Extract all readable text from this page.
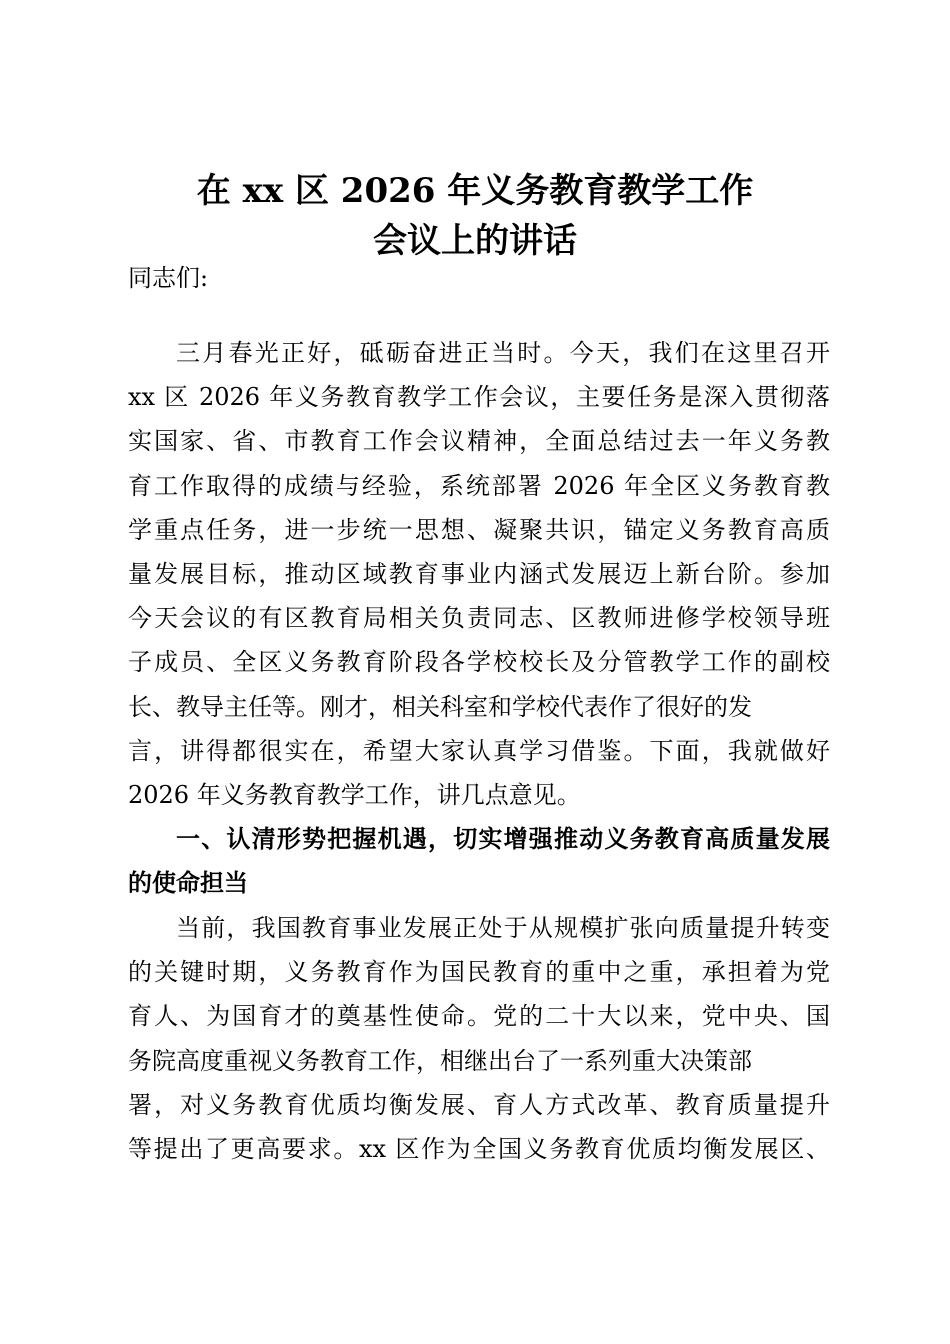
在 xx 区 2026 年义务教育教学工作
会议上的讲话
同志们:
三月春光正好，砥砺奋进正当时。今天，我们在这里召开
xx 区 2026 年义务教育教学工作会议，主要任务是深入贯彻落
实国家、省、市教育工作会议精神，全面总结过去一年义务教
育工作取得的成绩与经验，系统部署 2026 年全区义务教育教
学重点任务，进一步统一思想、凝聚共识，锚定义务教育高质
量发展目标，推动区域教育事业内涵式发展迈上新台阶。参加
今天会议的有区教育局相关负责同志、区教师进修学校领导班
子成员、全区义务教育阶段各学校校长及分管教学工作的副校
长、教导主任等。刚才，相关科室和学校代表作了很好的发
言，讲得都很实在，希望大家认真学习借鉴。下面，我就做好
2026 年义务教育教学工作，讲几点意见。
一、认清形势把握机遇，切实增强推动义务教育高质量发展
的使命担当
当前，我国教育事业发展正处于从规模扩张向质量提升转变
的关键时期，义务教育作为国民教育的重中之重，承担着为党
育人、为国育才的奠基性使命。党的二十大以来，党中央、国
务院高度重视义务教育工作，相继出台了一系列重大决策部
署，对义务教育优质均衡发展、育人方式改革、教育质量提升
等提出了更高要求。xx 区作为全国义务教育优质均衡发展区、
